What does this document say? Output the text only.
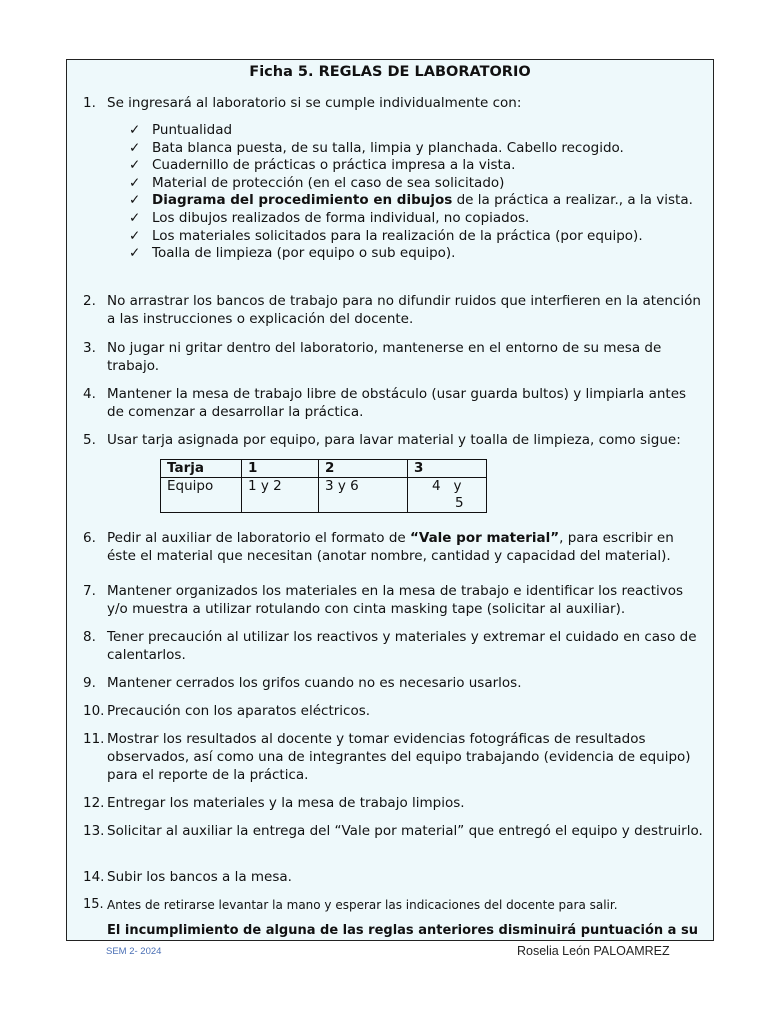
Ficha 5. REGLAS DE LABORATORIO
1. Se ingresará al laboratorio si se cumple individualmente con:
✓ Puntualidad
✓ Bata blanca puesta, de su talla, limpia y planchada. Cabello recogido.
✓ Cuadernillo de prácticas o práctica impresa a la vista.
✓ Material de protección (en el caso de sea solicitado)
✓ Diagrama del procedimiento en dibujos de la práctica a realizar., a la vista.
✓ Los dibujos realizados de forma individual, no copiados.
✓ Los materiales solicitados para la realización de la práctica (por equipo).
✓ Toalla de limpieza (por equipo o sub equipo).
2. No arrastrar los bancos de trabajo para no difundir ruidos que interfieren en la atención a las instrucciones o explicación del docente.
3. No jugar ni gritar dentro del laboratorio, mantenerse en el entorno de su mesa de trabajo.
4. Mantener la mesa de trabajo libre de obstáculo (usar guarda bultos) y limpiarla antes de comenzar a desarrollar la práctica.
5. Usar tarja asignada por equipo, para lavar material y toalla de limpieza, como sigue:
Tarja	1	2	3
Equipo	1 y 2	3 y 6	4   y
5
6. Pedir al auxiliar de laboratorio el formato de “Vale por material”, para escribir en éste el material que necesitan (anotar nombre, cantidad y capacidad del material).
7. Mantener organizados los materiales en la mesa de trabajo e identificar los reactivos y/o muestra a utilizar rotulando con cinta masking tape (solicitar al auxiliar).
8. Tener precaución al utilizar los reactivos y materiales y extremar el cuidado en caso de calentarlos.
9. Mantener cerrados los grifos cuando no es necesario usarlos.
10. Precaución con los aparatos eléctricos.
11. Mostrar los resultados al docente y tomar evidencias fotográficas de resultados observados, así como una de integrantes del equipo trabajando (evidencia de equipo) para el reporte de la práctica.
12. Entregar los materiales y la mesa de trabajo limpios.
13. Solicitar al auxiliar la entrega del “Vale por material” que entregó el equipo y destruirlo.
14. Subir los bancos a la mesa.
15. Antes de retirarse levantar la mano y esperar las indicaciones del docente para salir.
El incumplimiento de alguna de las reglas anteriores disminuirá puntuación a su
SEM 2- 2024	Roselia León PALOAMREZ
